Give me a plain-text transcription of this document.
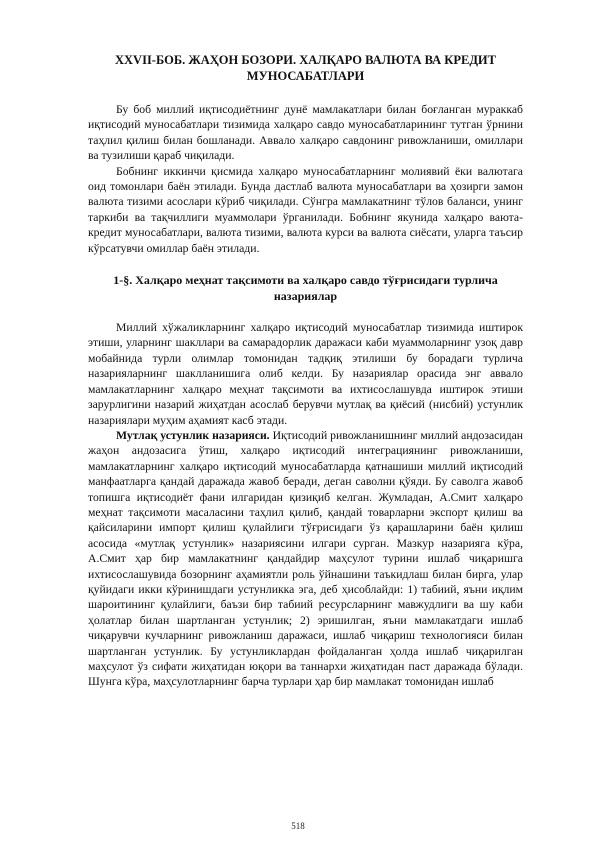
XXVII-БОБ. ЖАҲОН БОЗОРИ. ХАЛҚАРО ВАЛЮТА ВА КРЕДИТ
МУНОСАБАТЛАРИ

Бу боб миллий иқтисодиётнинг дунё мамлакатлари билан боғланган мураккаб иқтисодий муносабатлари тизимида халқаро савдо муносабатларининг тутган ўрнини таҳлил қилиш билан бошланади. Аввало халқаро савдонинг ривожланиши, омиллари ва тузилиши қараб чиқилади.

Бобнинг иккинчи қисмида халқаро муносабатларнинг молиявий ёки валютага оид томонлари баён этилади. Бунда дастлаб валюта муносабатлари ва ҳозирги замон валюта тизими асослари кўриб чиқилади. Сўнгра мамлакатнинг тўлов баланси, унинг таркиби ва тақчиллиги муаммолари ўрганилади. Бобнинг якунида халқаро ваюта-кредит муносабатлари, валюта тизими, валюта курси ва валюта сиёсати, уларга таъсир кўрсатувчи омиллар баён этилади.

1-§. Халқаро меҳнат тақсимоти ва халқаро савдо тўғрисидаги турлича
назариялар

Миллий хўжаликларнинг халқаро иқтисодий муносабатлар тизимида иштирок этиши, уларнинг шакллари ва самарадорлик даражаси каби муаммоларнинг узоқ давр мобайнида турли олимлар томонидан тадқиқ этилиши бу борадаги турлича назарияларнинг шаклланишига олиб келди. Бу назариялар орасида энг аввало мамлакатларнинг халқаро меҳнат тақсимоти ва ихтисослашувда иштирок этиши зарурлигини назарий жиҳатдан асослаб берувчи мутлақ ва қиёсий (нисбий) устунлик назариялари муҳим аҳамият касб этади.

Мутлақ устунлик назарияси. Иқтисодий ривожланишнинг миллий андозасидан жаҳон андозасига ўтиш, халқаро иқтисодий интеграциянинг ривожланиши, мамлакатларнинг халқаро иқтисодий муносабатларда қатнашиши миллий иқтисодий манфаатларга қандай даражада жавоб беради, деган саволни қўяди. Бу саволга жавоб топишга иқтисодиёт фани илгаридан қизиқиб келган. Жумладан, А.Смит халқаро меҳнат тақсимоти масаласини таҳлил қилиб, қандай товарларни экспорт қилиш ва қайсиларини импорт қилиш қулайлиги тўғрисидаги ўз қарашларини баён қилиш асосида «мутлақ устунлик» назариясини илгари сурган. Мазкур назарияга кўра, А.Смит ҳар бир мамлакатнинг қандайдир маҳсулот турини ишлаб чиқаришга ихтисослашувида бозорнинг аҳамиятли роль ўйнашини таъкидлаш билан бирга, улар қуйидаги икки кўринишдаги устунликка эга, деб ҳисоблайди: 1) табиий, яъни иқлим шароитининг қулайлиги, баъзи бир табиий ресурсларнинг мавжудлиги ва шу каби ҳолатлар билан шартланган устунлик; 2) эришилган, яъни мамлакатдаги ишлаб чиқарувчи кучларнинг ривожланиш даражаси, ишлаб чиқариш технологияси билан шартланган устунлик. Бу устунликлардан фойдаланган ҳолда ишлаб чиқарилган маҳсулот ўз сифати жиҳатидан юқори ва таннархи жиҳатидан паст даражада бўлади. Шунга кўра, маҳсулотларнинг барча турлари ҳар бир мамлакат томонидан ишлаб

518
